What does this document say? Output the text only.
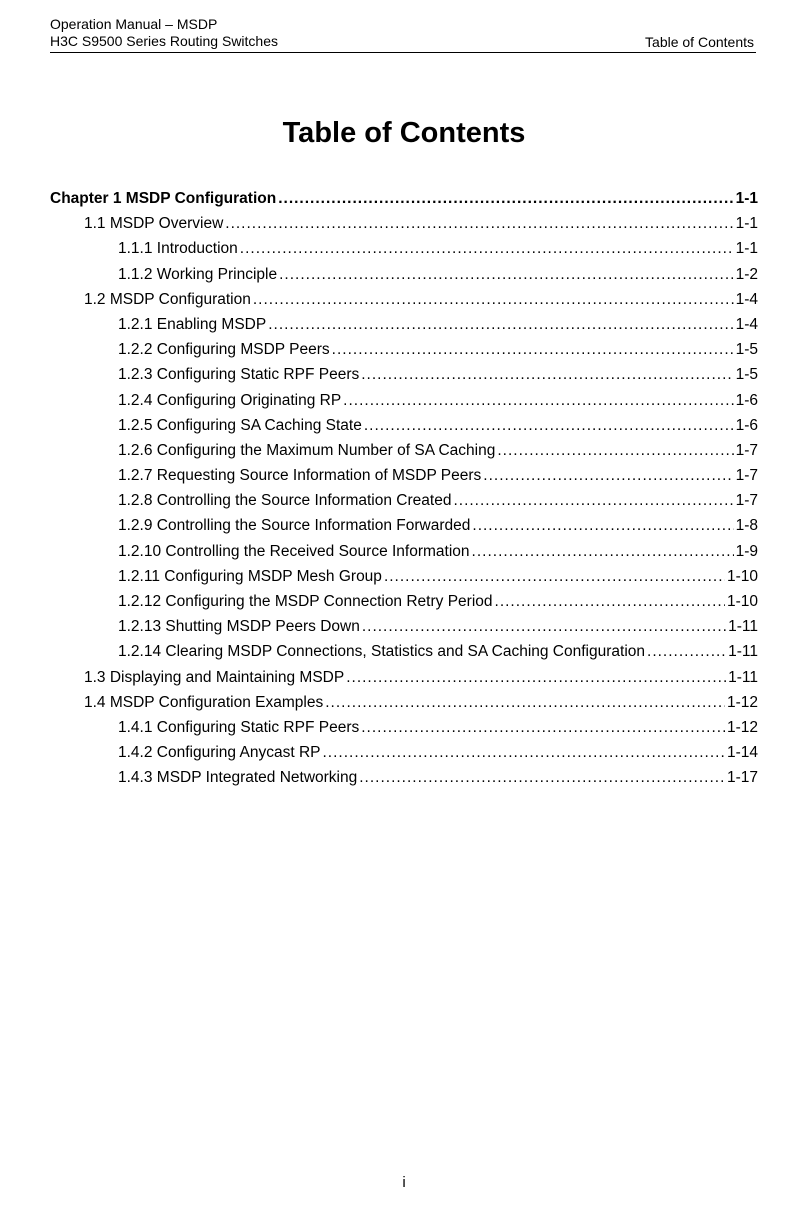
Operation Manual – MSDP
H3C S9500 Series Routing Switches	Table of Contents
Table of Contents
Chapter 1 MSDP Configuration .....	1-1
1.1 MSDP Overview .....	1-1
1.1.1 Introduction .....	1-1
1.1.2 Working Principle .....	1-2
1.2 MSDP Configuration .....	1-4
1.2.1 Enabling MSDP .....	1-4
1.2.2 Configuring MSDP Peers .....	1-5
1.2.3 Configuring Static RPF Peers .....	1-5
1.2.4 Configuring Originating RP .....	1-6
1.2.5 Configuring SA Caching State .....	1-6
1.2.6 Configuring the Maximum Number of SA Caching .....	1-7
1.2.7 Requesting Source Information of MSDP Peers .....	1-7
1.2.8 Controlling the Source Information Created .....	1-7
1.2.9 Controlling the Source Information Forwarded .....	1-8
1.2.10 Controlling the Received Source Information .....	1-9
1.2.11 Configuring MSDP Mesh Group .....	1-10
1.2.12 Configuring the MSDP Connection Retry Period .....	1-10
1.2.13 Shutting MSDP Peers Down .....	1-11
1.2.14 Clearing MSDP Connections, Statistics and SA Caching Configuration .....	1-11
1.3 Displaying and Maintaining MSDP .....	1-11
1.4 MSDP Configuration Examples .....	1-12
1.4.1 Configuring Static RPF Peers .....	1-12
1.4.2 Configuring Anycast RP .....	1-14
1.4.3 MSDP Integrated Networking .....	1-17
i
